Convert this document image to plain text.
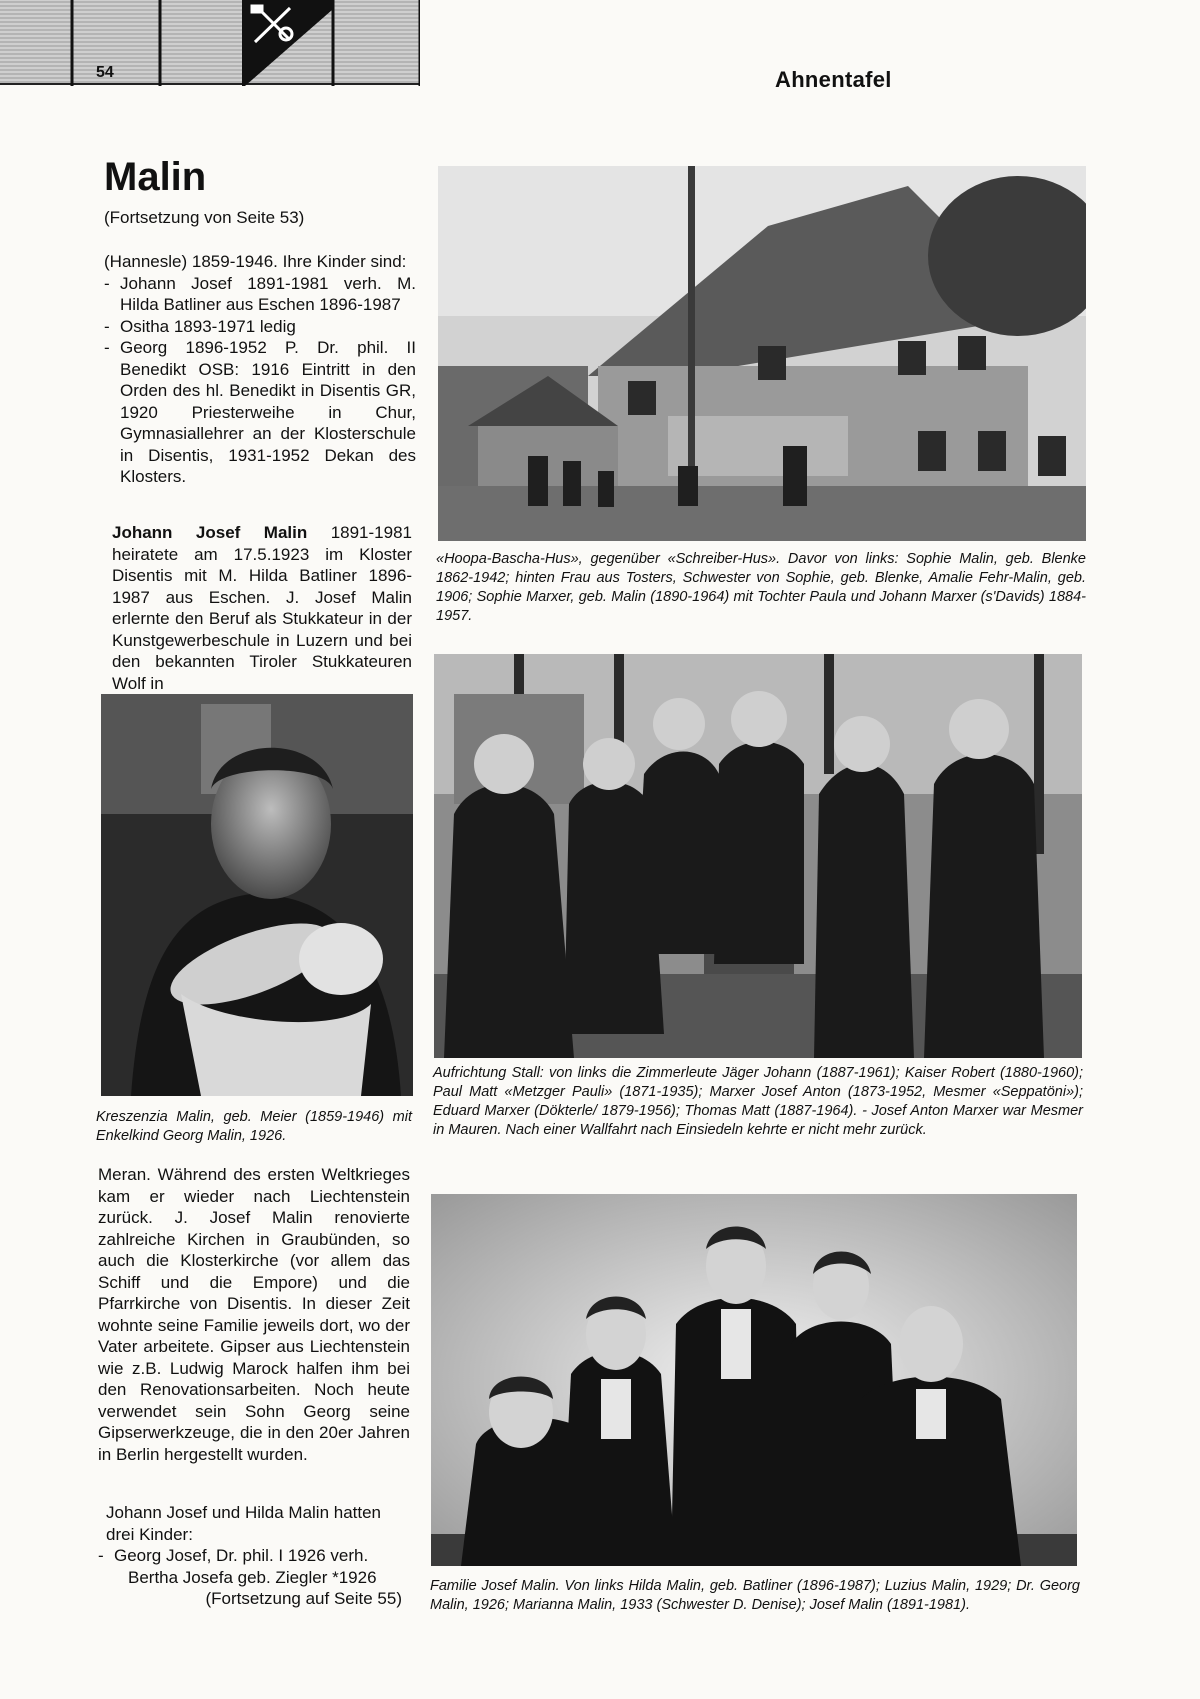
54	Ahnentafel
Malin
(Fortsetzung von Seite 53)

(Hannesle) 1859-1946. Ihre Kinder sind:

- Johann Josef 1891-1981 verh. M. Hilda Batliner aus Eschen 1896-1987
- Ositha 1893-1971 ledig
- Georg 1896-1952 P. Dr. phil. II Benedikt OSB: 1916 Eintritt in den Orden des hl. Benedikt in Disentis GR, 1920 Priesterweihe in Chur, Gymnasiallehrer an der Klosterschule in Disentis, 1931-1952 Dekan des Klosters.

Johann Josef Malin 1891-1981 heiratete am 17.5.1923 im Kloster Disentis mit M. Hilda Batliner 1896-1987 aus Eschen. J. Josef Malin erlernte den Beruf als Stukkateur in der Kunstgewerbeschule in Luzern und bei den bekannten Tiroler Stukkateuren Wolf in

Kreszenzia Malin, geb. Meier (1859-1946) mit Enkelkind Georg Malin, 1926.

Meran. Während des ersten Weltkrieges kam er wieder nach Liechtenstein zurück. J. Josef Malin renovierte zahlreiche Kirchen in Graubünden, so auch die Klosterkirche (vor allem das Schiff und die Empore) und die Pfarrkirche von Disentis. In dieser Zeit wohnte seine Familie jeweils dort, wo der Vater arbeitete. Gipser aus Liechtenstein wie z.B. Ludwig Marock halfen ihm bei den Renovationsarbeiten. Noch heute verwendet sein Sohn Georg seine Gipserwerkzeuge, die in den 20er Jahren in Berlin hergestellt wurden.

Johann Josef und Hilda Malin hatten drei Kinder:

- Georg Josef, Dr. phil. I 1926 verh.
Bertha Josefa geb. Ziegler *1926
(Fortsetzung auf Seite 55)

«Hoopa-Bascha-Hus», gegenüber «Schreiber-Hus». Davor von links: Sophie Malin, geb. Blenke 1862-1942; hinten Frau aus Tosters, Schwester von Sophie, geb. Blenke, Amalie Fehr-Malin, geb. 1906; Sophie Marxer, geb. Malin (1890-1964) mit Tochter Paula und Johann Marxer (s'Davids) 1884-1957.

Aufrichtung Stall: von links die Zimmerleute Jäger Johann (1887-1961); Kaiser Robert (1880-1960); Paul Matt «Metzger Pauli» (1871-1935); Marxer Josef Anton (1873-1952, Mesmer «Seppatöni»); Eduard Marxer (Dökterle/ 1879-1956); Thomas Matt (1887-1964). - Josef Anton Marxer war Mesmer in Mauren. Nach einer Wallfahrt nach Einsiedeln kehrte er nicht mehr zurück.

Familie Josef Malin. Von links Hilda Malin, geb. Batliner (1896-1987); Luzius Malin, 1929; Dr. Georg Malin, 1926; Marianna Malin, 1933 (Schwester D. Denise); Josef Malin (1891-1981).
